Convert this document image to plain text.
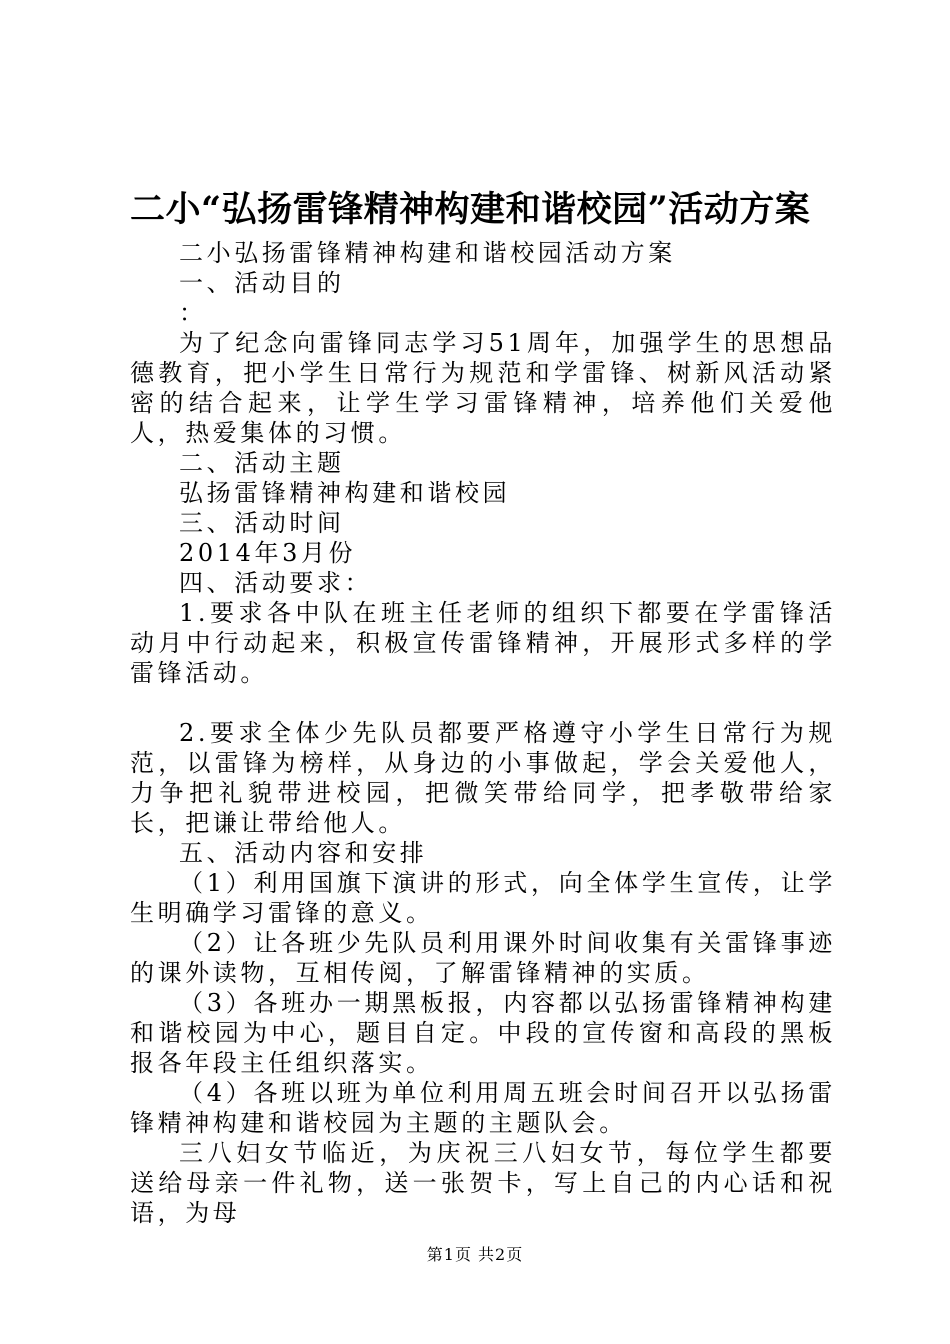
二小“弘扬雷锋精神构建和谐校园”活动方案

二小弘扬雷锋精神构建和谐校园活动方案

一、活动目的

：

为了纪念向雷锋同志学习51周年，加强学生的思想品德教育，把小学生日常行为规范和学雷锋、树新风活动紧密的结合起来，让学生学习雷锋精神，培养他们关爱他人，热爱集体的习惯。

二、活动主题

弘扬雷锋精神构建和谐校园

三、活动时间

2014年3月份

四、活动要求：

1.要求各中队在班主任老师的组织下都要在学雷锋活动月中行动起来，积极宣传雷锋精神，开展形式多样的学雷锋活动。

2.要求全体少先队员都要严格遵守小学生日常行为规范，以雷锋为榜样，从身边的小事做起，学会关爱他人，力争把礼貌带进校园，把微笑带给同学，把孝敬带给家长，把谦让带给他人。

五、活动内容和安排

（1）利用国旗下演讲的形式，向全体学生宣传，让学生明确学习雷锋的意义。

（2）让各班少先队员利用课外时间收集有关雷锋事迹的课外读物，互相传阅，了解雷锋精神的实质。

（3）各班办一期黑板报，内容都以弘扬雷锋精神构建和谐校园为中心，题目自定。中段的宣传窗和高段的黑板报各年段主任组织落实。

（4）各班以班为单位利用周五班会时间召开以弘扬雷锋精神构建和谐校园为主题的主题队会。

三八妇女节临近，为庆祝三八妇女节，每位学生都要送给母亲一件礼物，送一张贺卡，写上自己的内心话和祝语，为母

第1页 共2页
